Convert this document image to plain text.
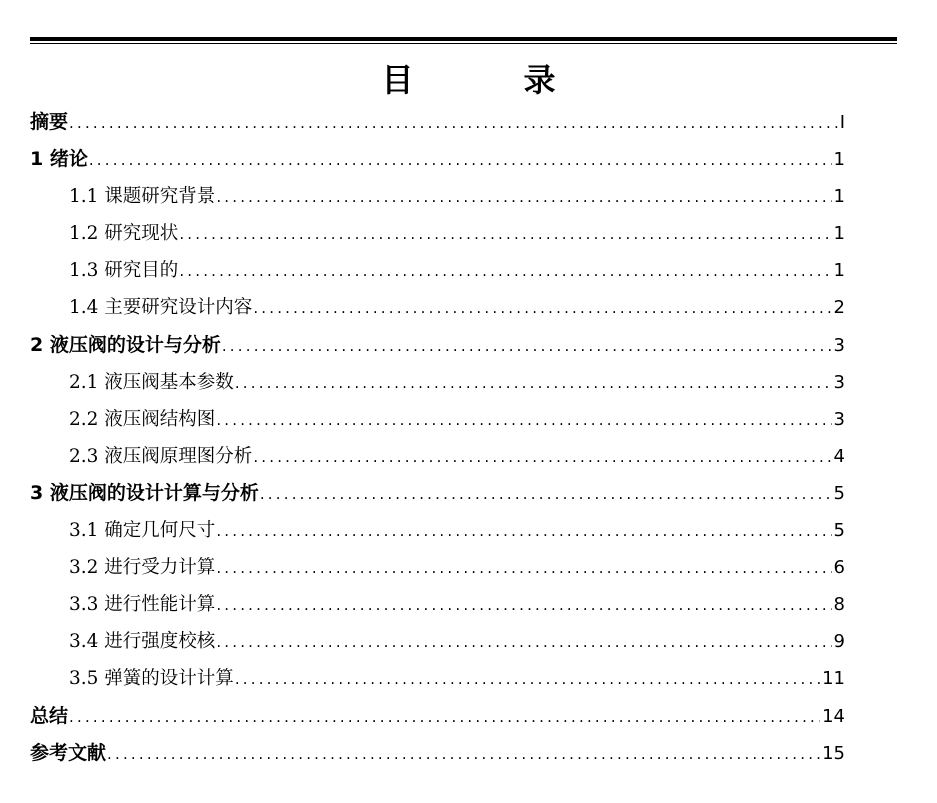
目	录
摘要 .....	I
1 绪论 .....	1
1.1 课题研究背景 .....	1
1.2 研究现状 .....	1
1.3 研究目的 .....	1
1.4 主要研究设计内容 .....	2
2 液压阀的设计与分析 .....	3
2.1 液压阀基本参数 .....	3
2.2 液压阀结构图 .....	3
2.3 液压阀原理图分析 .....	4
3 液压阀的设计计算与分析 .....	5
3.1 确定几何尺寸 .....	5
3.2 进行受力计算 .....	6
3.3 进行性能计算 .....	8
3.4 进行强度校核 .....	9
3.5 弹簧的设计计算 .....	11
总结 .....	14
参考文献 .....	15
